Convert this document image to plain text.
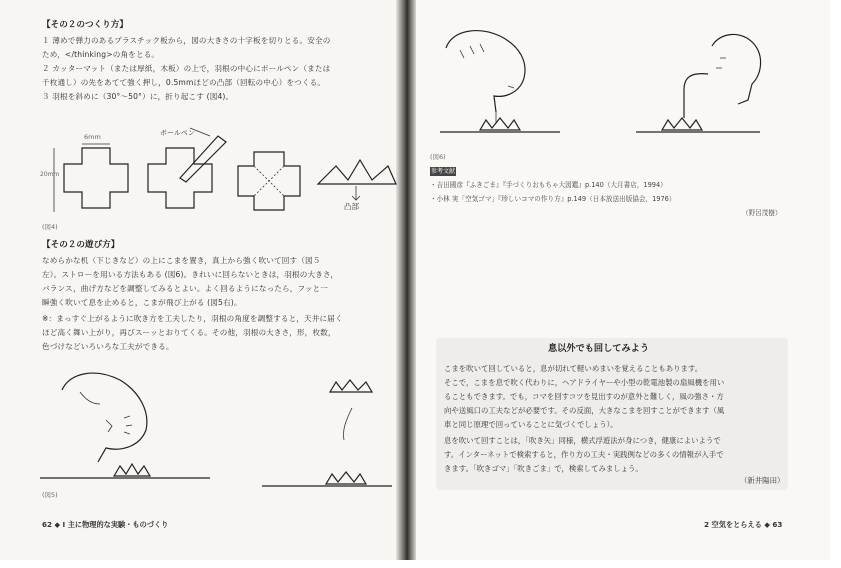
【その２のつくり方】
１ 薄めで弾力のあるプラスチック板から，図の大きさの十字板を切りとる。安全の
ため，</thinking>の角をとる。
２ カッターマット（または厚紙，木板）の上で，羽根の中心にボールペン（または
千枚通し）の先をあてて強く押し，0.5mmほどの凸部（回転の中心）をつくる。
３ 羽根を斜めに（30°〜50°）に，折り起こす (図4)。
6mm
20mm
ボールペン
凸部
(図4)
【その２の遊び方】
なめらかな机（下じきなど）の上にこまを置き，真上から強く吹いて回す（図５
左）。ストローを用いる方法もある (図6)。きれいに回らないときは，羽根の大きさ，
バランス，曲げ方などを調整してみるとよい。よく回るようになったら，フッと一
瞬強く吹いて息を止めると，こまが飛び上がる (図5右)。
※：まっすぐ上がるように吹き方を工夫したり，羽根の角度を調整すると，天井に届く
ほど高く舞い上がり，再びスーッとおりてくる。その他，羽根の大きさ，形，枚数，
色づけなどいろいろな工夫ができる。
(図5)
62 ◆ Ⅰ 主に物理的な実験・ものづくり
(図6)
参考文献
・吉田國彦『ふきごま』『手づくりおもちゃ大図鑑』p.140（大月書店，1994）
・小林 実「空気ゴマ」『珍しいコマの作り方』p.149（日本放送出版協会，1976）
（野呂茂樹）
息以外でも回してみよう
こまを吹いて回していると，息が切れて軽いめまいを覚えることもあります。
そこで，こまを息で吹く代わりに，ヘアドライヤーや小型の乾電池製の扇風機を用い
ることもできます。でも，コマを回すコツを見出すのが意外と難しく，風の強さ・方
向や送風口の工夫などが必要です。その反面，大きなこまを回すことができます（風
車と同じ原理で回っていることに気づくでしょう）。
息を吹いて回すことは，「吹き矢」同様，横式浮遊法が身につき，健康によいようで
す。インターネットで検索すると，作り方の工夫・実践例などの多くの情報が入手で
きます。「吹きゴマ」「吹きごま」で，検索してみましょう。
（新井陽田）
2 空気をとらえる ◆ 63
